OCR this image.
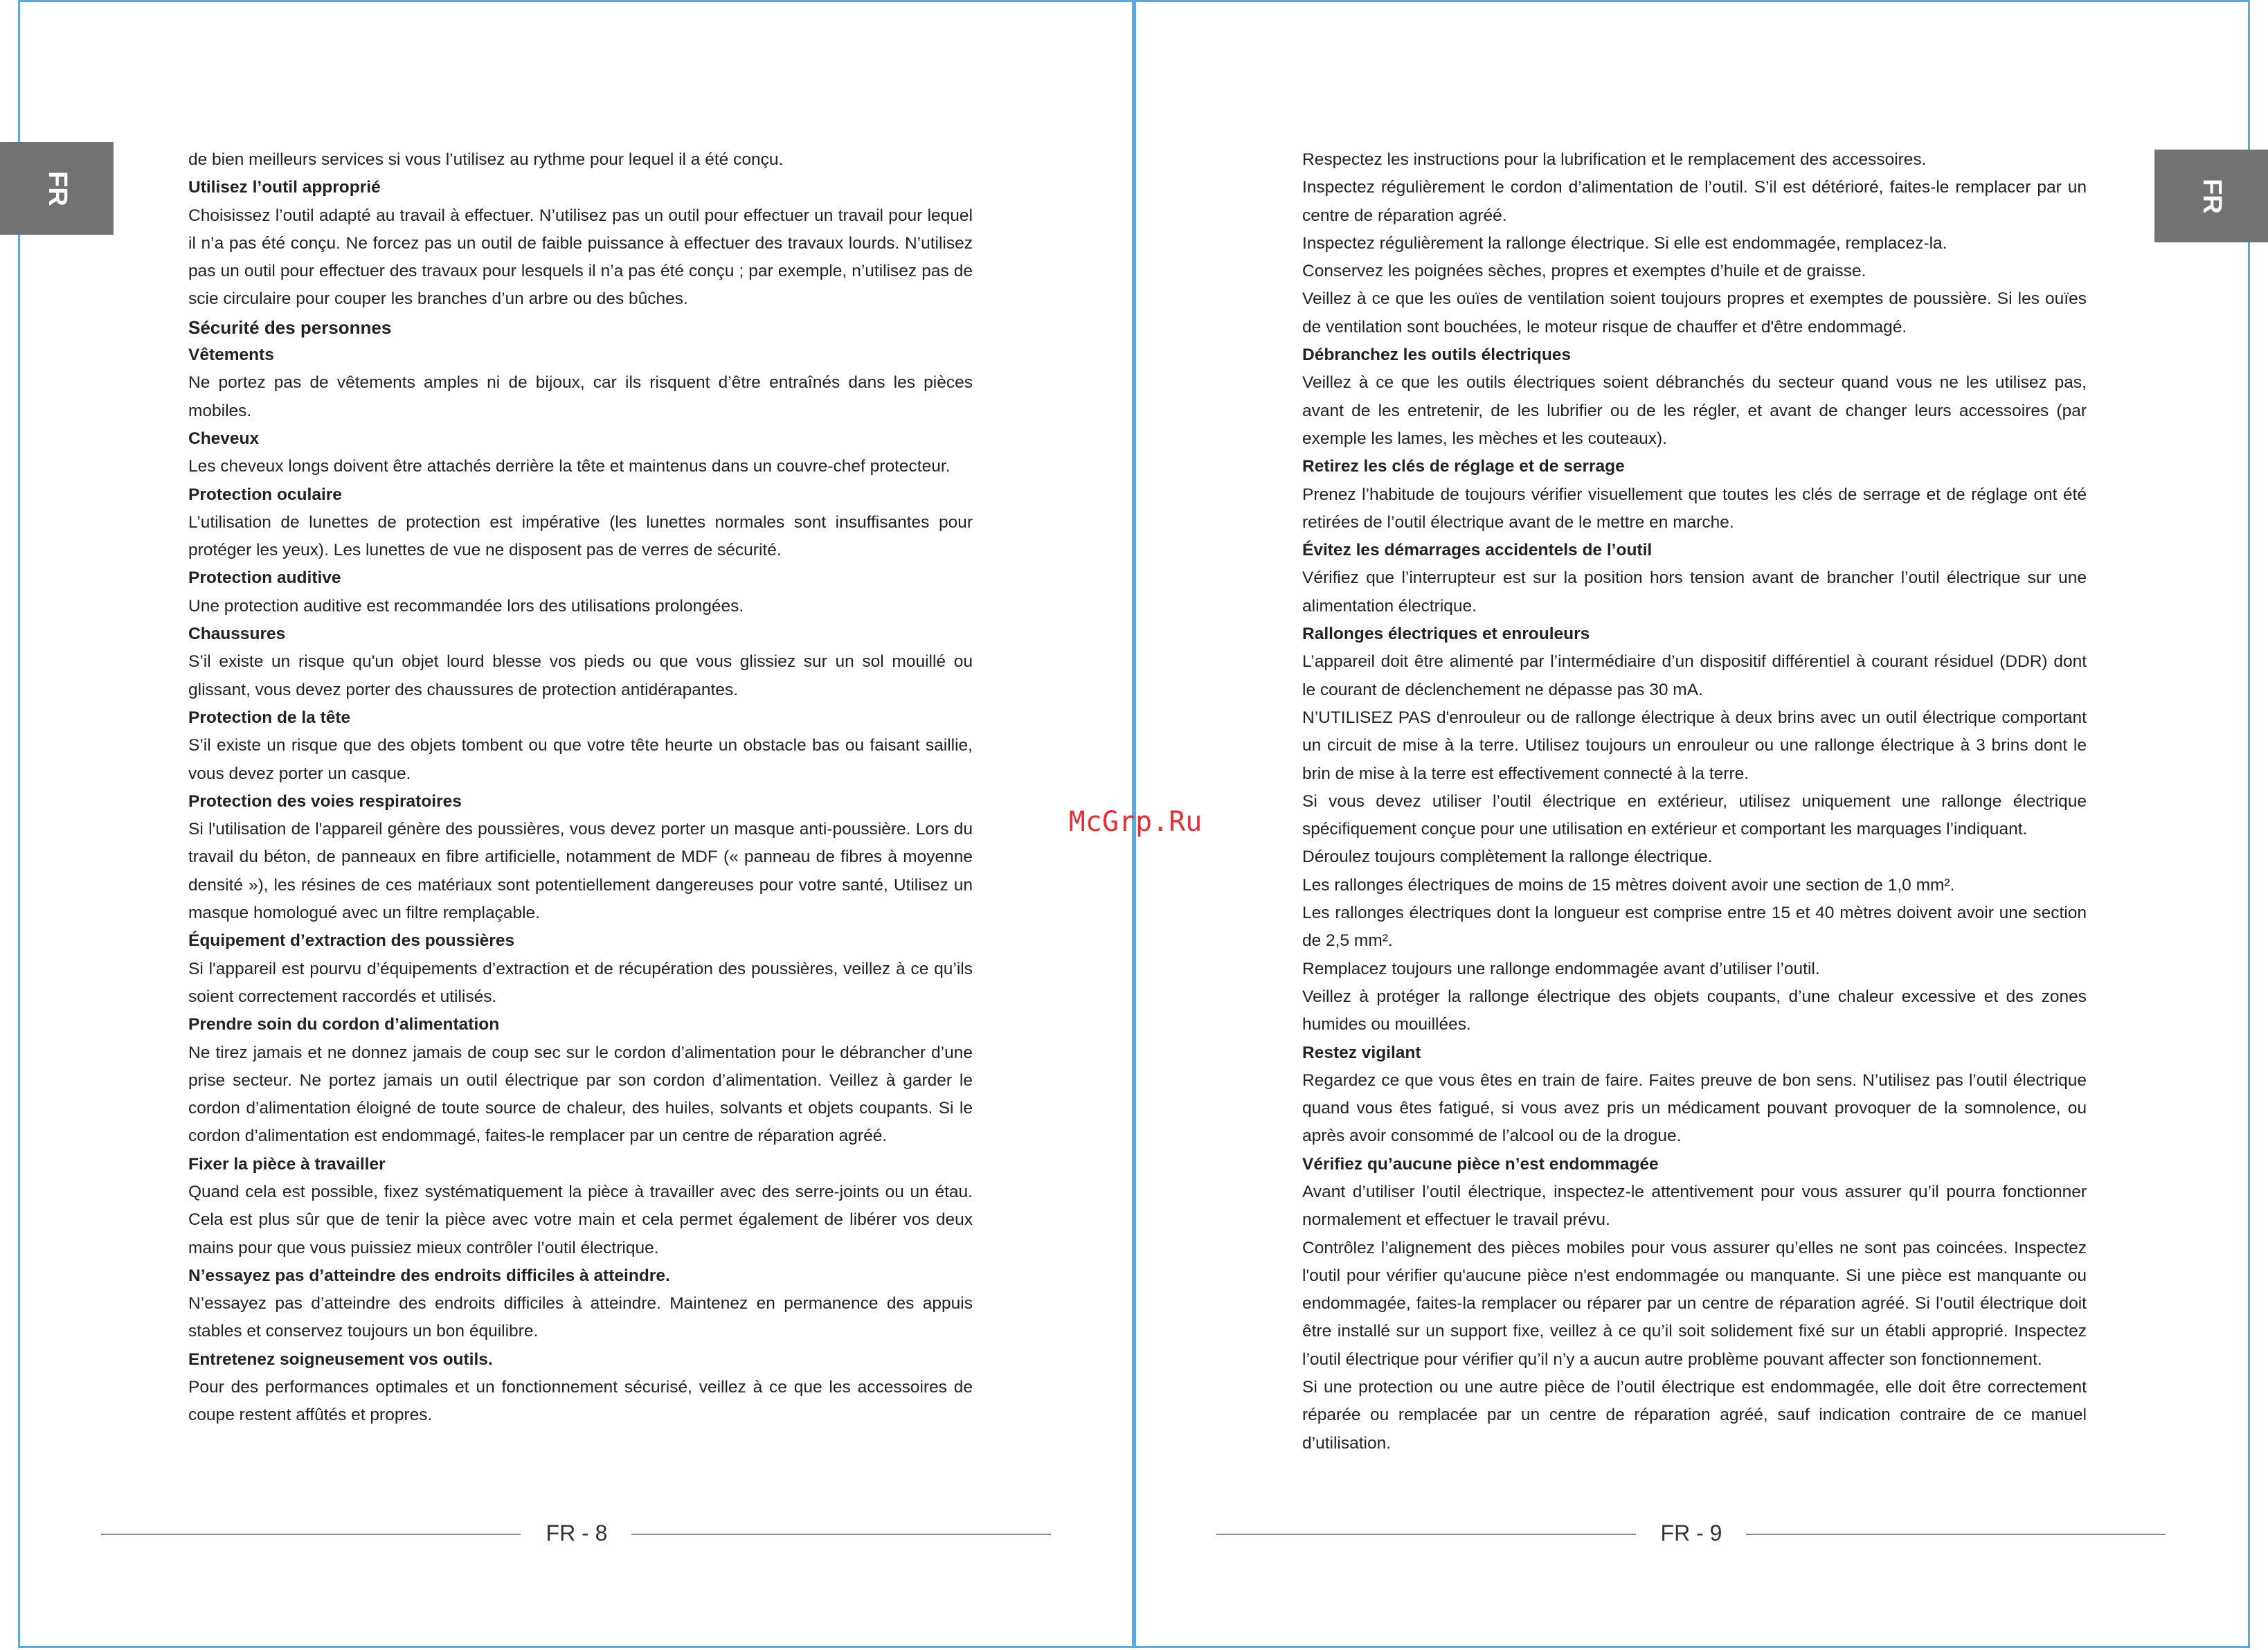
FR	FR
de bien meilleurs services si vous l’utilisez au rythme pour lequel il a été conçu.
Utilisez l’outil approprié
Choisissez l’outil adapté au travail à effectuer. N’utilisez pas un outil pour effectuer un travail pour lequel il n’a pas été conçu. Ne forcez pas un outil de faible puissance à effectuer des travaux lourds. N’utilisez pas un outil pour effectuer des travaux pour lesquels il n’a pas été conçu ; par exemple, n’utilisez pas de scie circulaire pour couper les branches d’un arbre ou des bûches.
Sécurité des personnes
Vêtements
Ne portez pas de vêtements amples ni de bijoux, car ils risquent d’être entraînés dans les pièces mobiles.
Cheveux
Les cheveux longs doivent être attachés derrière la tête et maintenus dans un couvre-chef protecteur.
Protection oculaire
L’utilisation de lunettes de protection est impérative (les lunettes normales sont insuffisantes pour protéger les yeux). Les lunettes de vue ne disposent pas de verres de sécurité.
Protection auditive
Une protection auditive est recommandée lors des utilisations prolongées.
Chaussures
S’il existe un risque qu'un objet lourd blesse vos pieds ou que vous glissiez sur un sol mouillé ou glissant, vous devez porter des chaussures de protection antidérapantes.
Protection de la tête
S’il existe un risque que des objets tombent ou que votre tête heurte un obstacle bas ou faisant saillie, vous devez porter un casque.
Protection des voies respiratoires
Si l'utilisation de l'appareil génère des poussières, vous devez porter un masque anti-poussière. Lors du travail du béton, de panneaux en fibre artificielle, notamment de MDF (« panneau de fibres à moyenne densité »), les résines de ces matériaux sont potentiellement dangereuses pour votre santé, Utilisez un masque homologué avec un filtre remplaçable.
Équipement d’extraction des poussières
Si l'appareil est pourvu d’équipements d’extraction et de récupération des poussières, veillez à ce qu’ils soient correctement raccordés et utilisés.
Prendre soin du cordon d’alimentation
Ne tirez jamais et ne donnez jamais de coup sec sur le cordon d’alimentation pour le débrancher d’une prise secteur. Ne portez jamais un outil électrique par son cordon d’alimentation. Veillez à garder le cordon d’alimentation éloigné de toute source de chaleur, des huiles, solvants et objets coupants. Si le cordon d’alimentation est endommagé, faites-le remplacer par un centre de réparation agréé.
Fixer la pièce à travailler
Quand cela est possible, fixez systématiquement la pièce à travailler avec des serre-joints ou un étau. Cela est plus sûr que de tenir la pièce avec votre main et cela permet également de libérer vos deux mains pour que vous puissiez mieux contrôler l’outil électrique.
N’essayez pas d’atteindre des endroits difficiles à atteindre.
N’essayez pas d’atteindre des endroits difficiles à atteindre. Maintenez en permanence des appuis stables et conservez toujours un bon équilibre.
Entretenez soigneusement vos outils.
Pour des performances optimales et un fonctionnement sécurisé, veillez à ce que les accessoires de coupe restent affûtés et propres.
Respectez les instructions pour la lubrification et le remplacement des accessoires.
Inspectez régulièrement le cordon d’alimentation de l’outil. S’il est détérioré, faites-le remplacer par un centre de réparation agréé.
Inspectez régulièrement la rallonge électrique. Si elle est endommagée, remplacez-la.
Conservez les poignées sèches, propres et exemptes d’huile et de graisse.
Veillez à ce que les ouïes de ventilation soient toujours propres et exemptes de poussière. Si les ouïes de ventilation sont bouchées, le moteur risque de chauffer et d'être endommagé.
Débranchez les outils électriques
Veillez à ce que les outils électriques soient débranchés du secteur quand vous ne les utilisez pas, avant de les entretenir, de les lubrifier ou de les régler, et avant de changer leurs accessoires (par exemple les lames, les mèches et les couteaux).
Retirez les clés de réglage et de serrage
Prenez l’habitude de toujours vérifier visuellement que toutes les clés de serrage et de réglage ont été retirées de l’outil électrique avant de le mettre en marche.
Évitez les démarrages accidentels de l’outil
Vérifiez que l’interrupteur est sur la position hors tension avant de brancher l’outil électrique sur une alimentation électrique.
Rallonges électriques et enrouleurs
L’appareil doit être alimenté par l’intermédiaire d’un dispositif différentiel à courant résiduel (DDR) dont le courant de déclenchement ne dépasse pas 30 mA.
N’UTILISEZ PAS d'enrouleur ou de rallonge électrique à deux brins avec un outil électrique comportant un circuit de mise à la terre. Utilisez toujours un enrouleur ou une rallonge électrique à 3 brins dont le brin de mise à la terre est effectivement connecté à la terre.
Si vous devez utiliser l’outil électrique en extérieur, utilisez uniquement une rallonge électrique spécifiquement conçue pour une utilisation en extérieur et comportant les marquages l’indiquant.
Déroulez toujours complètement la rallonge électrique.
Les rallonges électriques de moins de 15 mètres doivent avoir une section de 1,0 mm².
Les rallonges électriques dont la longueur est comprise entre 15 et 40 mètres doivent avoir une section de 2,5 mm².
Remplacez toujours une rallonge endommagée avant d’utiliser l’outil.
Veillez à protéger la rallonge électrique des objets coupants, d’une chaleur excessive et des zones humides ou mouillées.
Restez vigilant
Regardez ce que vous êtes en train de faire. Faites preuve de bon sens. N’utilisez pas l’outil électrique quand vous êtes fatigué, si vous avez pris un médicament pouvant provoquer de la somnolence, ou après avoir consommé de l’alcool ou de la drogue.
Vérifiez qu’aucune pièce n’est endommagée
Avant d’utiliser l’outil électrique, inspectez-le attentivement pour vous assurer qu’il pourra fonctionner normalement et effectuer le travail prévu.
Contrôlez l’alignement des pièces mobiles pour vous assurer qu’elles ne sont pas coincées. Inspectez l'outil pour vérifier qu'aucune pièce n'est endommagée ou manquante. Si une pièce est manquante ou endommagée, faites-la remplacer ou réparer par un centre de réparation agréé. Si l’outil électrique doit être installé sur un support fixe, veillez à ce qu’il soit solidement fixé sur un établi approprié. Inspectez l’outil électrique pour vérifier qu’il n’y a aucun autre problème pouvant affecter son fonctionnement.
Si une protection ou une autre pièce de l’outil électrique est endommagée, elle doit être correctement réparée ou remplacée par un centre de réparation agréé, sauf indication contraire de ce manuel d’utilisation.
McGrp.Ru
FR - 8	FR - 9
